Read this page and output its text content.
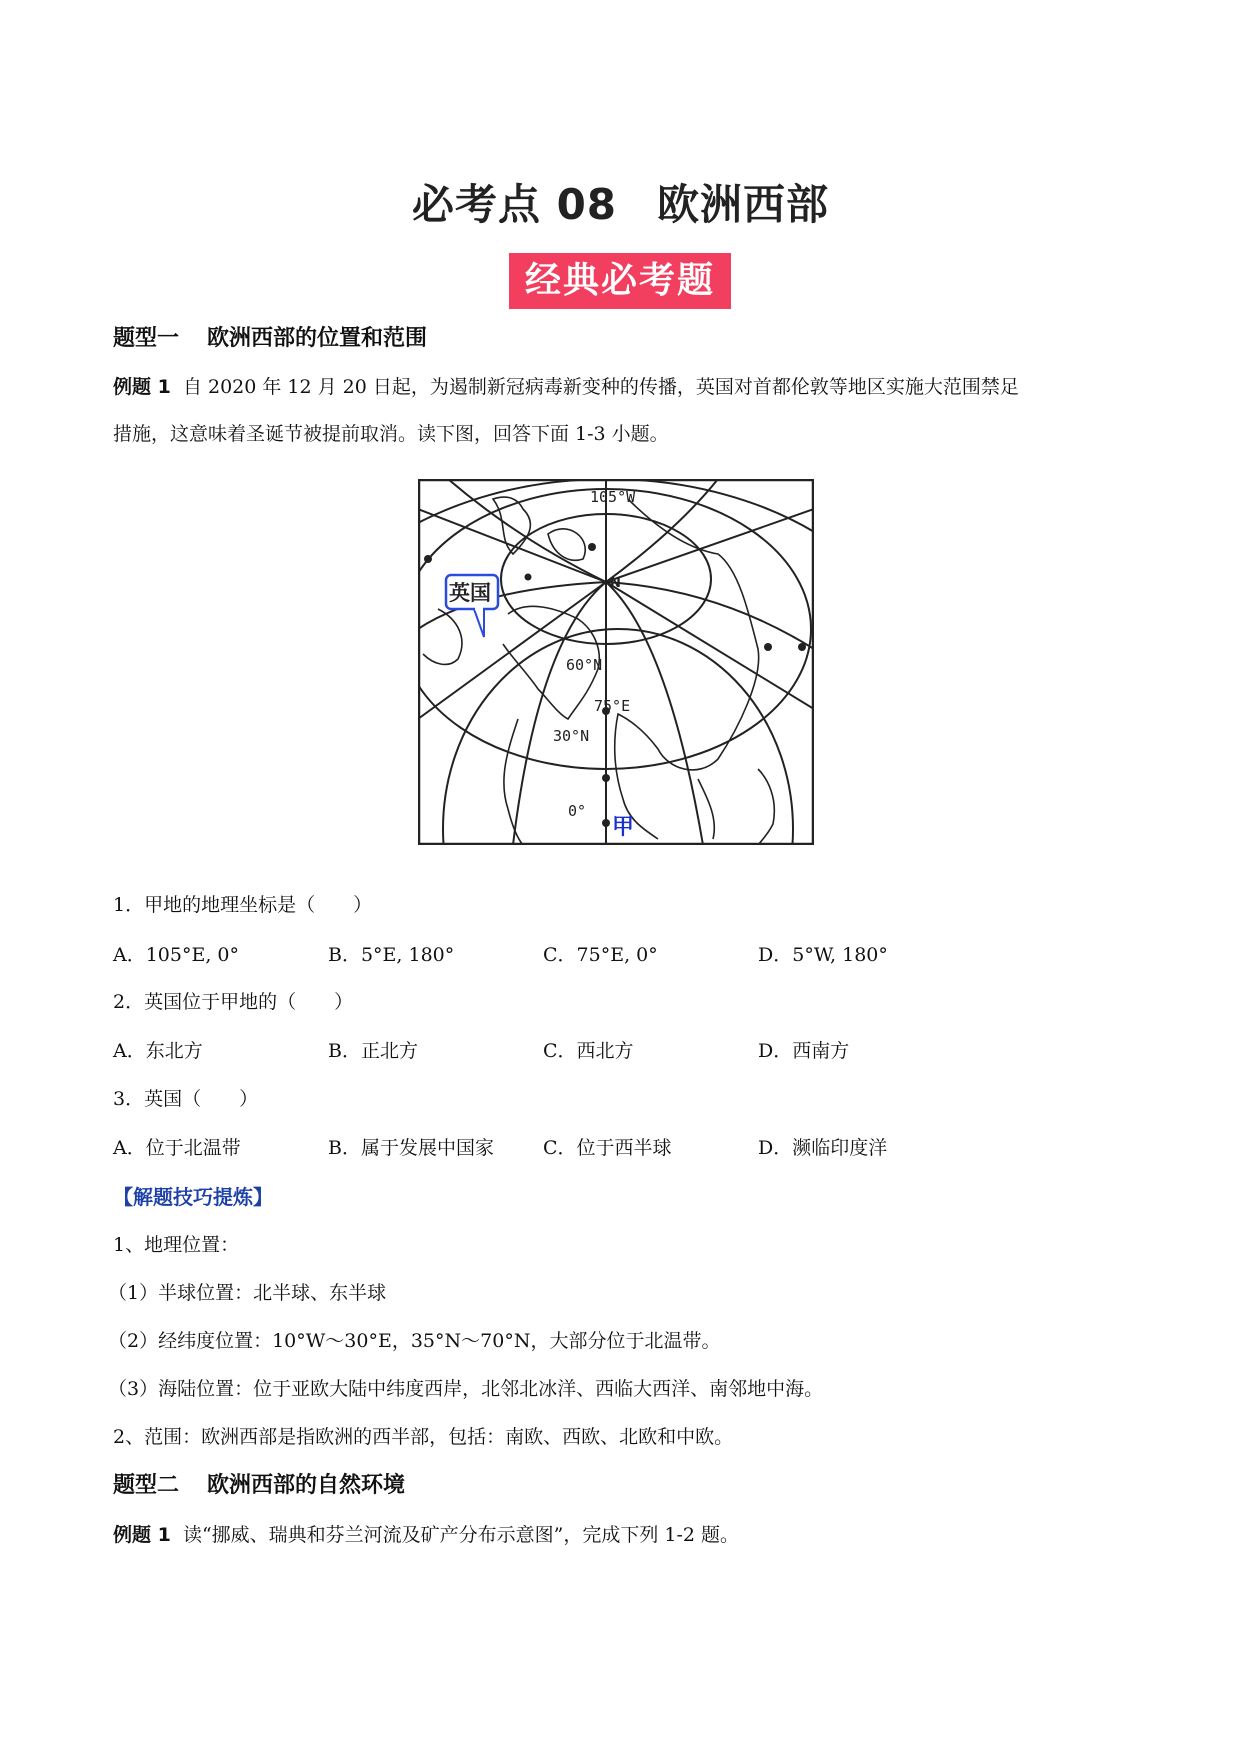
必考点 08 欧洲西部
经典必考题
题型一 欧洲西部的位置和范围
例题 1 自 2020 年 12 月 20 日起，为遏制新冠病毒新变种的传播，英国对首都伦敦等地区实施大范围禁足
措施，这意味着圣诞节被提前取消。读下图，回答下面 1-3 小题。
105°W
N
60°N
75°E
30°N
0°
甲
英国
1．甲地的地理坐标是（　　）
A．105°E, 0°	B．5°E, 180°	C．75°E, 0°	D．5°W, 180°
2．英国位于甲地的（　　）
A．东北方	B．正北方	C．西北方	D．西南方
3．英国（　　）
A．位于北温带	B．属于发展中国家	C．位于西半球	D．濒临印度洋
【解题技巧提炼】
1、地理位置：
（1）半球位置：北半球、东半球
（2）经纬度位置：10°W～30°E，35°N～70°N，大部分位于北温带。
（3）海陆位置：位于亚欧大陆中纬度西岸，北邻北冰洋、西临大西洋、南邻地中海。
2、范围：欧洲西部是指欧洲的西半部，包括：南欧、西欧、北欧和中欧。
题型二 欧洲西部的自然环境
例题 1 读“挪威、瑞典和芬兰河流及矿产分布示意图”，完成下列 1-2 题。
